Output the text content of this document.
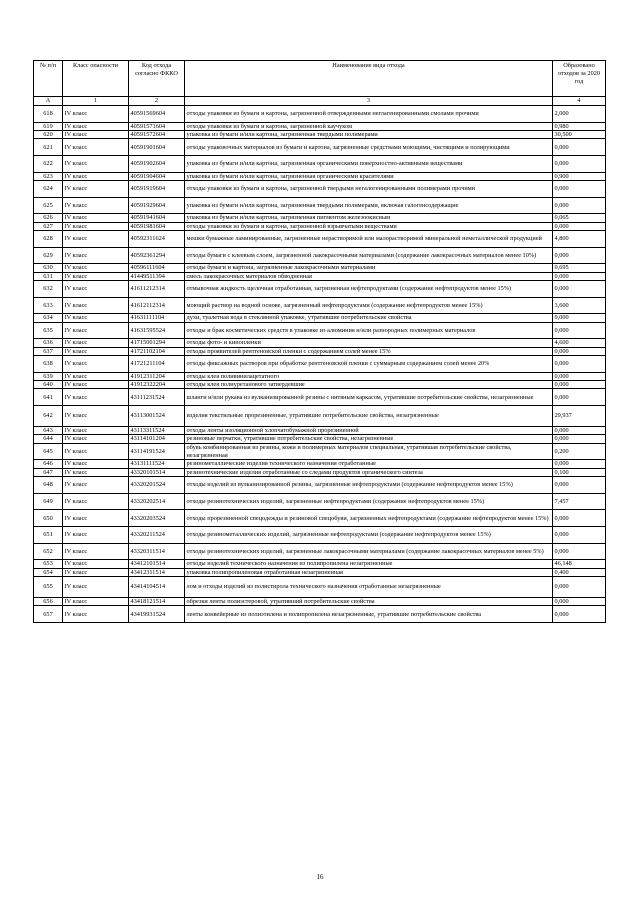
№ п/п	Класс опасности	Код отхода согласно ФККО	Наименование вида отхода	Образовано отходов за 2020 год
А	1	2	3	4
618	IV класс	40591569604	отходы упаковки из бумаги и картона, загрязненной отвержденными неглагенированными смолами прочими	2,000
619	IV класс	40591571604	отходы упаковки из бумаги и картона, загрязненной каучуком	0,980
620	IV класс	40591572604	упаковка из бумаги и/или картона, загрязненная твердыми полимерами	30,500
621	IV класс	40591901604	отходы упаковочных материалов из бумаги и картона, загрязненные средствами моющими, чистящими и полирующими	0,000
622	IV класс	40591902604	упаковка из бумаги и/или картона, загрязненная органическими поверхностно-активными веществами	0,000
623	IV класс	40591904604	упаковка из бумаги и/или картона, загрязненная органическими красителями	0,900
624	IV класс	40591919604	отходы упаковки из бумаги и картона, загрязненной твердыми негалогенированными полимерами прочими	0,000
625	IV класс	40591929604	упаковка из бумаги и/или картона, загрязненная твердыми полимерами, включая галогенсодержащие	0,000
626	IV класс	40591941604	упаковка из бумаги и/или картона, загрязненная пигментом железоокисным	0,065
627	IV класс	40591981604	отходы упаковки из бумаги и картона, загрязненной взрывчатыми веществами	0,000
628	IV класс	40592311624	мешки бумажные ламинированные, загрязненные нерастворимой или малорастворимой минеральной неметаллической продукцией	4,800
629	IV класс	40592361294	отходы бумаги с клеевым слоем, загрязненной лакокрасочными материалами (содержание лакокрасочных материалов менее 10%)	0,000
630	IV класс	40596111604	отходы бумаги и картона, загрязненные лакокрасочными материалами	0,695
631	IV класс	41449511394	смесь лакокрасочных материалов обводненная	0,000
632	IV класс	41611212314	отмывочная жидкость щелочная отработанная, загрязненная нефтепродуктами (содержание нефтепродуктов менее 15%)	0,000
633	IV класс	41612112314	моющий раствор на водной основе, загрязненный нефтепродуктами (содержание нефтепродуктов менее 15%)	3,600
634	IV класс	41631111104	духи, туалетная вода в стеклянной упаковке, утратившие потребительские свойства	0,000
635	IV класс	41631595524	отходы и брак косметических средств в упаковке из алюминия и/или разнородных полимерных материалов	0,000
636	IV класс	41715001294	отходы фото- и кинопленки	4,600
637	IV класс	41721102104	отходы проявителей рентгеновской пленки с содержанием солей менее 15%	0,000
638	IV класс	41721211104	отходы фиксажных растворов при обработке рентгеновской пленки с суммарным содержанием солей менее 20%	0,000
639	IV класс	41912311204	отходы клея поливинилацетатного	0,000
640	IV класс	41912322204	отходы клея полиуретанового затвердевшие	0,000
641	IV класс	43111231524	шланги и/или рукава из вулканизированной резины с нитяным каркасом, утратившие потребительские свойства, незагрязненные	0,000
642	IV класс	43113001524	изделия текстильные прорезиненные, утратившие потребительские свойства, незагрязненные	29,937
643	IV класс	43113311524	отходы ленты изоляционной хлопчатобумажной прорезиненной	0,000
644	IV класс	43114101204	резиновые перчатки, утратившие потребительские свойства, незагрязненные	0,000
645	IV класс	43114191524	обувь комбинированная из резины, кожи и полимерных материалов специальная, утратившая потребительские свойства, незагрязненная	0,200
646	IV класс	43131111524	резинометаллические изделия технического назначения отработанные	0,000
647	IV класс	43320101514	резинотехнические изделия отработанные со следами продуктов органического синтеза	0,100
648	IV класс	43320201524	отходы изделий из вулканизированной резины, загрязненные нефтепродуктами (содержание нефтепродуктов менее 15%)	0,000
649	IV класс	43320202514	отходы резинотехнических изделий, загрязненные нефтепродуктами (содержание нефтепродуктов менее 15%)	7,457
650	IV класс	43320203524	отходы прорезиненной спецодежды и резиновой спецобуви, загрязненных нефтепродуктами (содержание нефтепродуктов менее 15%)	0,000
651	IV класс	43320211524	отходы резинометаллических изделий, загрязненные нефтепродуктами (содержание нефтепродуктов менее 15%)	0,000
652	IV класс	43320311514	отходы резинотехнических изделий, загрязненные лакокрасочными материалами (содержание лакокрасочных материалов менее 5%)	0,000
653	IV класс	43412101514	отходы изделий технического назначения из полипропилена незагрязненные	46,148
654	IV класс	43412311514	упаковка полипропиленовая отработанная незагрязненная	0,400
655	IV класс	43414104514	лом и отходы изделий из полистирола технического назначения отработанные незагрязненные	0,000
656	IV класс	43418121514	обрезки ленты полиэстеровой, утративший потребительские свойства	0,000
657	IV класс	43419931524	ленты конвейерные из полиэтилена и полипропилена незагрязненные, утратившие потребительские свойства	0,000
16
